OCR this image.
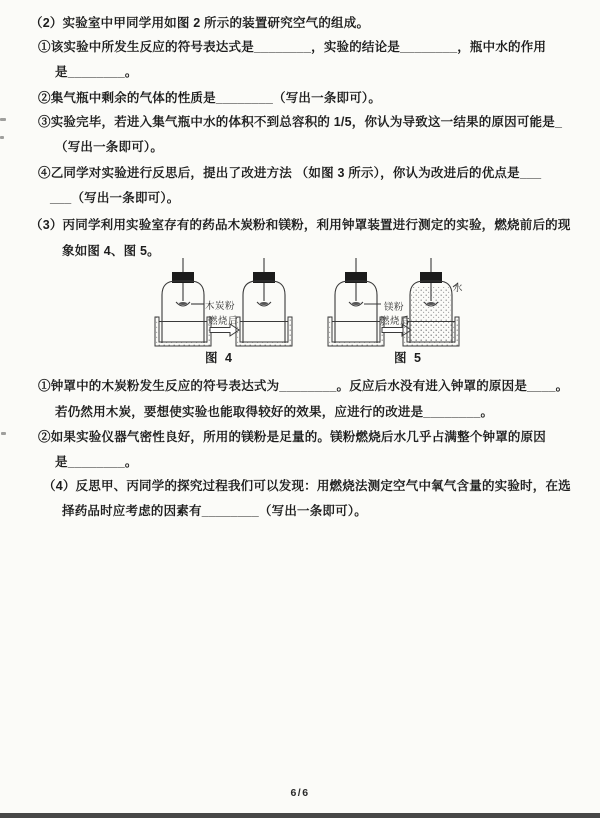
（2）实验室中甲同学用如图 2 所示的装置研究空气的组成。
①该实验中所发生反应的符号表达式是________，实验的结论是________，瓶中水的作用
是________。
②集气瓶中剩余的气体的性质是________（写出一条即可）。
③实验完毕，若进入集气瓶中水的体积不到总容积的 1/5，你认为导致这一结果的原因可能是_
（写出一条即可）。
④乙同学对实验进行反思后，提出了改进方法 （如图 3 所示），你认为改进后的优点是___
___（写出一条即可）。
（3）丙同学利用实验室存有的药品木炭粉和镁粉，利用钟罩装置进行测定的实验，燃烧前后的现
象如图 4、图 5。
①钟罩中的木炭粉发生反应的符号表达式为________。反应后水没有进入钟罩的原因是____。
若仍然用木炭，要想使实验也能取得较好的效果，应进行的改进是________。
②如果实验仪器气密性良好，所用的镁粉是足量的。镁粉燃烧后水几乎占满整个钟罩的原因
是________。
（4）反思甲、丙同学的探究过程我们可以发现：用燃烧法测定空气中氧气含量的实验时，在选
择药品时应考虑的因素有________（写出一条即可）。
木炭粉
燃烧后
镁粉
燃烧后
水
图 4	图 5
6/6
